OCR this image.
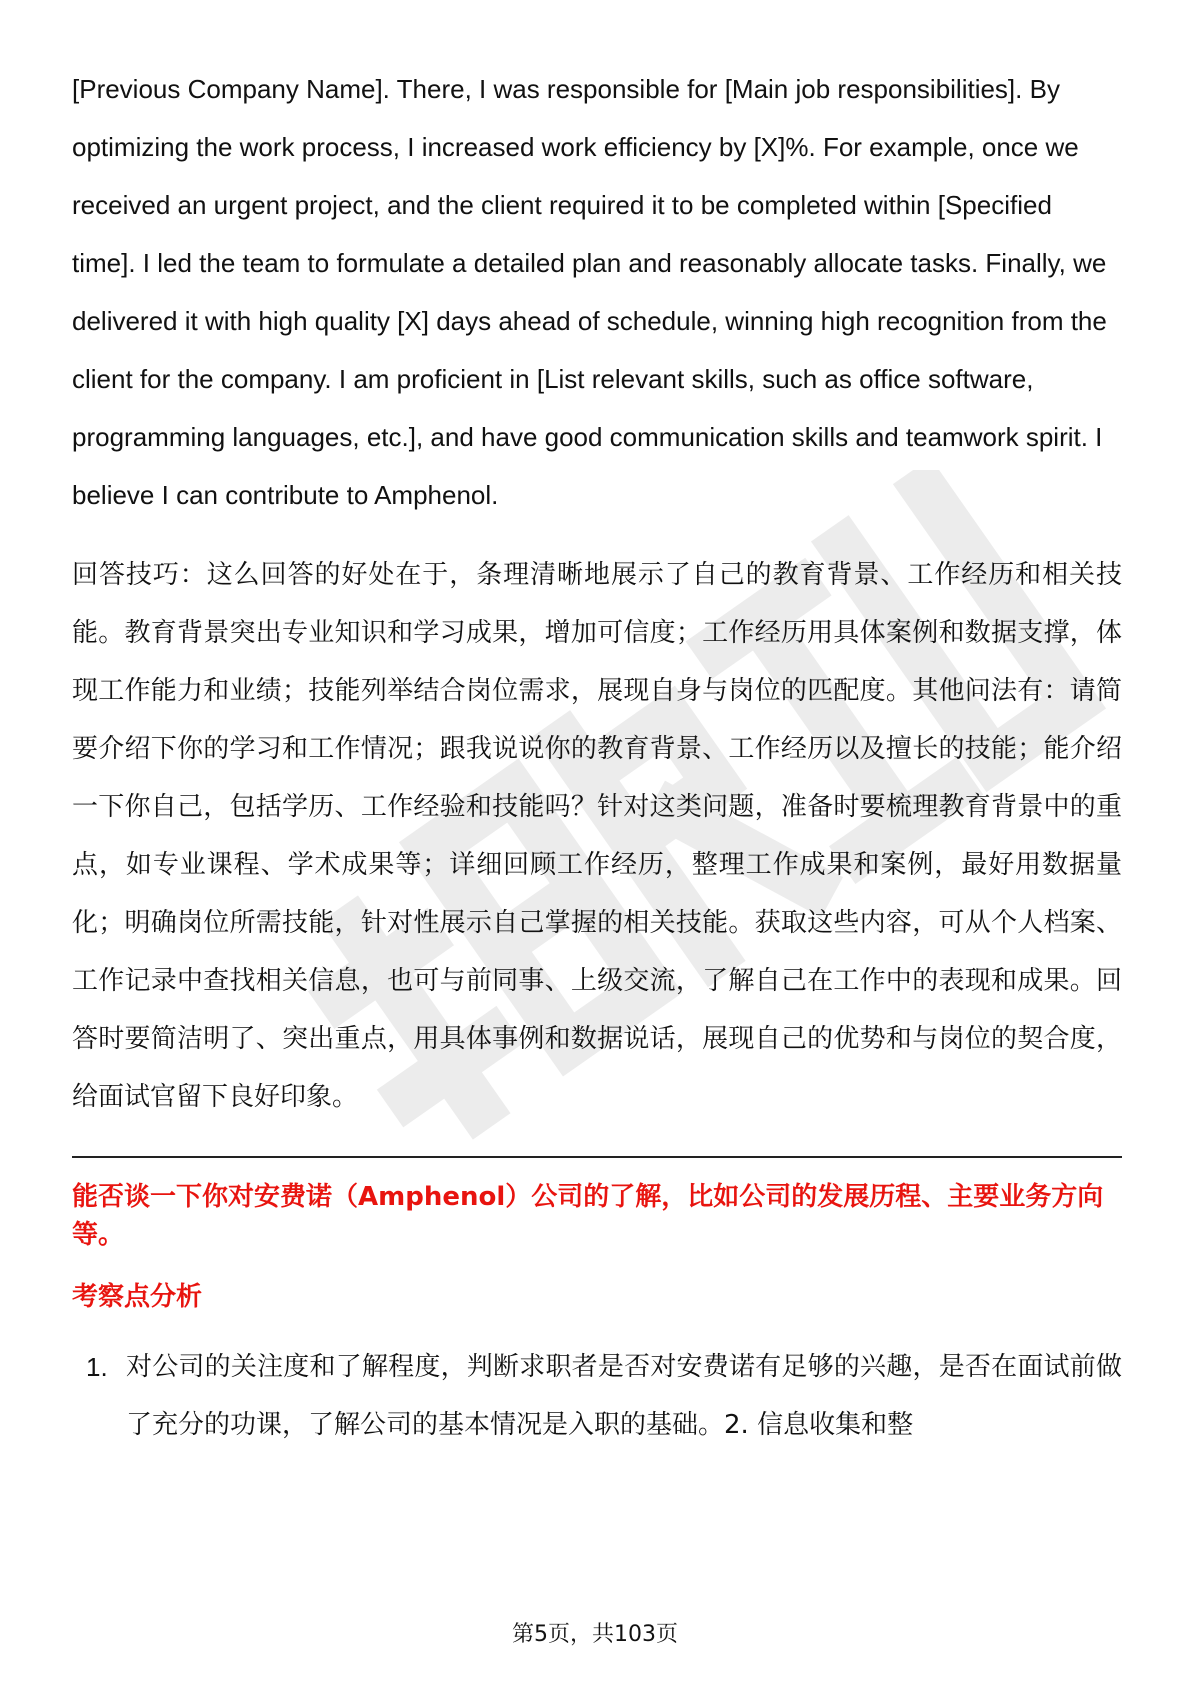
[Previous Company Name]. There, I was responsible for [Main job responsibilities]. By optimizing the work process, I increased work efficiency by [X]%. For example, once we received an urgent project, and the client required it to be completed within [Specified time]. I led the team to formulate a detailed plan and reasonably allocate tasks. Finally, we delivered it with high quality [X] days ahead of schedule, winning high recognition from the client for the company. I am proficient in [List relevant skills, such as office software, programming languages, etc.], and have good communication skills and teamwork spirit. I believe I can contribute to Amphenol.

回答技巧：这么回答的好处在于，条理清晰地展示了自己的教育背景、工作经历和相关技能。教育背景突出专业知识和学习成果，增加可信度；工作经历用具体案例和数据支撑，体现工作能力和业绩；技能列举结合岗位需求，展现自身与岗位的匹配度。其他问法有：请简要介绍下你的学习和工作情况；跟我说说你的教育背景、工作经历以及擅长的技能；能介绍一下你自己，包括学历、工作经验和技能吗？针对这类问题，准备时要梳理教育背景中的重点，如专业课程、学术成果等；详细回顾工作经历，整理工作成果和案例，最好用数据量化；明确岗位所需技能，针对性展示自己掌握的相关技能。获取这些内容，可从个人档案、工作记录中查找相关信息，也可与前同事、上级交流，了解自己在工作中的表现和成果。回答时要简洁明了、突出重点，用具体事例和数据说话，展现自己的优势和与岗位的契合度，给面试官留下良好印象。

能否谈一下你对安费诺（Amphenol）公司的了解，比如公司的发展历程、主要业务方向等。
考察点分析
1. 对公司的关注度和了解程度，判断求职者是否对安费诺有足够的兴趣，是否在面试前做了充分的功课，了解公司的基本情况是入职的基础。2. 信息收集和整
第5页，共103页
